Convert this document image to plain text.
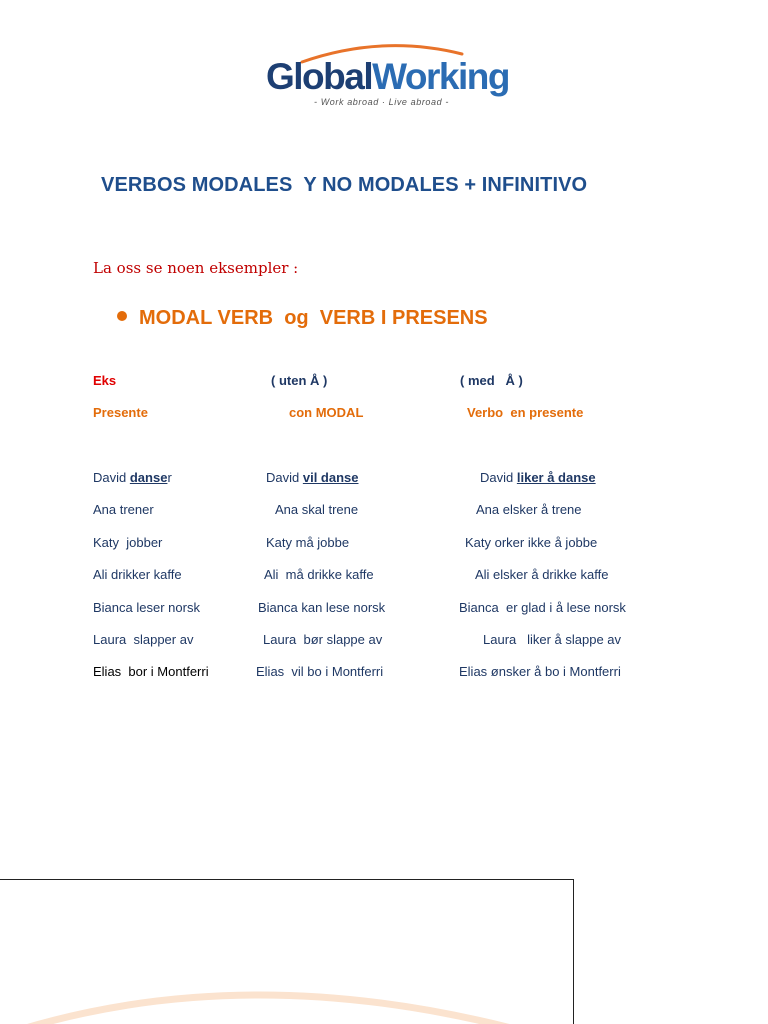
GlobalWorking
- Work abroad · Live abroad -
VERBOS MODALES  Y NO MODALES + INFINITIVO
La oss se noen eksempler :
MODAL VERB  og  VERB I PRESENS
Eks	( uten Å )	( med   Å )
Presente	con MODAL	Verbo  en presente
David danser	David vil danse	David liker å danse
Ana trener	Ana skal trene	Ana elsker å trene
Katy  jobber	Katy må jobbe	Katy orker ikke å jobbe
Ali drikker kaffe	Ali  må drikke kaffe	Ali elsker å drikke kaffe
Bianca leser norsk	Bianca kan lese norsk	Bianca  er glad i å lese norsk
Laura  slapper av	Laura  bør slappe av	Laura   liker å slappe av
Elias  bor i Montferri	Elias  vil bo i Montferri	Elias ønsker å bo i Montferri
